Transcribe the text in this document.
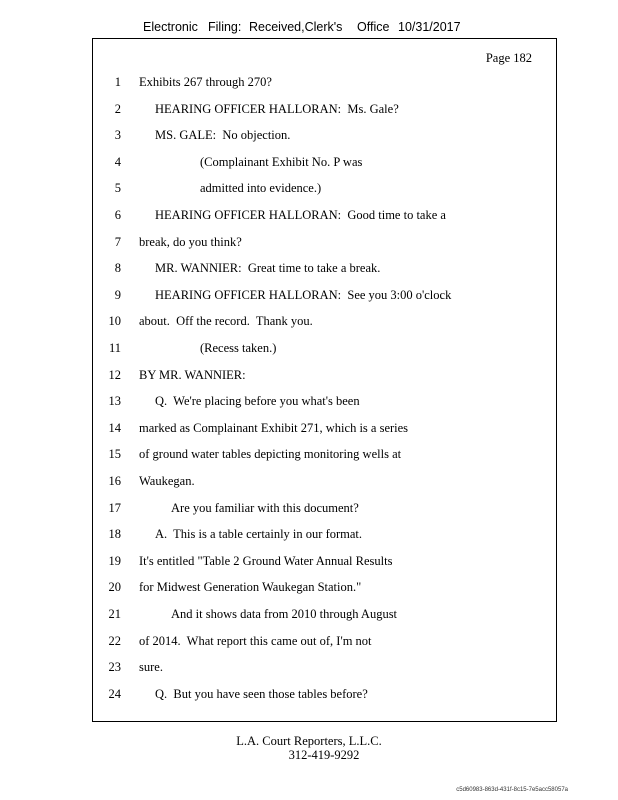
Electronic Filing: Received,Clerk's Office 10/31/2017
Page 182
1 Exhibits 267 through 270?
2	HEARING OFFICER HALLORAN:  Ms. Gale?
3	MS. GALE:  No objection.
4	(Complainant Exhibit No. P was
5	admitted into evidence.)
6	HEARING OFFICER HALLORAN:  Good time to take a
7 break, do you think?
8	MR. WANNIER:  Great time to take a break.
9	HEARING OFFICER HALLORAN:  See you 3:00 o'clock
10 about.  Off the record.  Thank you.
11	(Recess taken.)
12 BY MR. WANNIER:
13	Q.  We're placing before you what's been
14 marked as Complainant Exhibit 271, which is a series
15 of ground water tables depicting monitoring wells at
16 Waukegan.
17	Are you familiar with this document?
18	A.  This is a table certainly in our format.
19 It's entitled "Table 2 Ground Water Annual Results
20 for Midwest Generation Waukegan Station."
21	And it shows data from 2010 through August
22 of 2014.  What report this came out of, I'm not
23 sure.
24	Q.  But you have seen those tables before?
L.A. Court Reporters, L.L.C.
312-419-9292
c5d60983-863d-431f-8c15-7e5acc58057a
